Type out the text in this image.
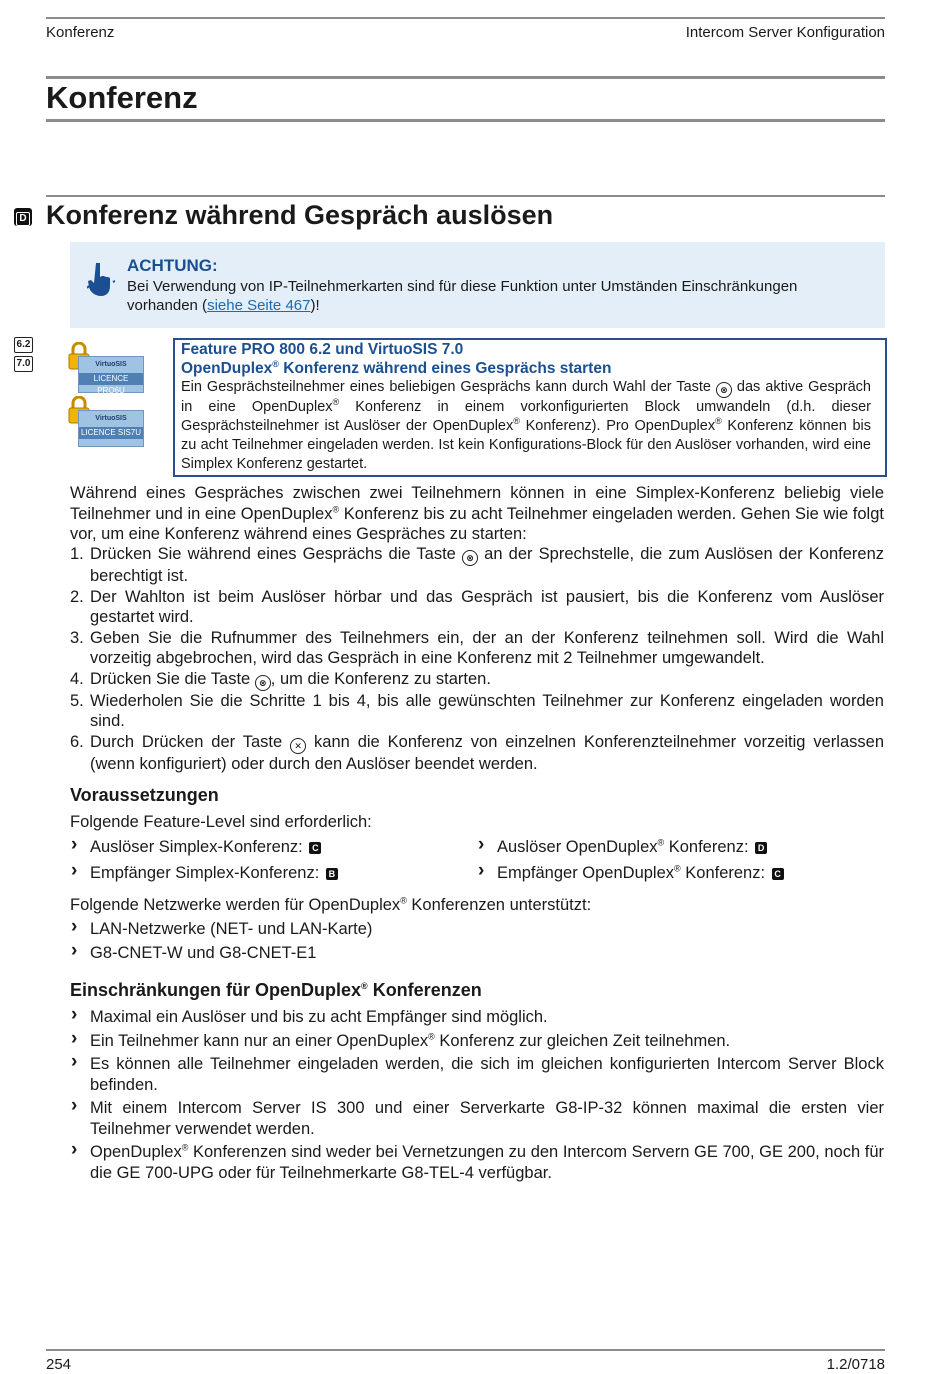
Konferenz	Intercom Server Konfiguration
Konferenz
D Konferenz während Gespräch auslösen
ACHTUNG:
Bei Verwendung von IP-Teilnehmerkarten sind für diese Funktion unter Umständen Einschränkungen vorhanden (siehe Seite 467)!
6.2
7.0	VirtuoSIS
LICENCE PRO6U
VirtuoSIS
LICENCE SIS7U
Feature PRO 800 6.2 und VirtuoSIS 7.0
OpenDuplex® Konferenz während eines Gesprächs starten
Ein Gesprächsteilnehmer eines beliebigen Gesprächs kann durch Wahl der Taste ⊗ das aktive Gespräch in eine OpenDuplex® Konferenz in einem vorkonfigurierten Block umwandeln (d.h. dieser Gesprächsteilnehmer ist Auslöser der OpenDuplex® Konferenz). Pro OpenDuplex® Konferenz können bis zu acht Teilnehmer eingeladen werden. Ist kein Konfigurations-Block für den Auslöser vorhanden, wird eine Simplex Konferenz gestartet.
Während eines Gespräches zwischen zwei Teilnehmern können in eine Simplex-Konferenz beliebig viele Teilnehmer und in eine OpenDuplex® Konferenz bis zu acht Teilnehmer eingeladen werden. Gehen Sie wie folgt vor, um eine Konferenz während eines Gespräches zu starten:
1. Drücken Sie während eines Gesprächs die Taste ⊗ an der Sprechstelle, die zum Auslösen der Konferenz berechtigt ist.
2. Der Wahlton ist beim Auslöser hörbar und das Gespräch ist pausiert, bis die Konferenz vom Auslöser gestartet wird.
3. Geben Sie die Rufnummer des Teilnehmers ein, der an der Konferenz teilnehmen soll. Wird die Wahl vorzeitig abgebrochen, wird das Gespräch in eine Konferenz mit 2 Teilnehmer umgewandelt.
4. Drücken Sie die Taste ⊗ , um die Konferenz zu starten.
5. Wiederholen Sie die Schritte 1 bis 4, bis alle gewünschten Teilnehmer zur Konferenz eingeladen worden sind.
6. Durch Drücken der Taste ✕ kann die Konferenz von einzelnen Konferenzteilnehmer vorzeitig verlassen (wenn konfiguriert) oder durch den Auslöser beendet werden.
Voraussetzungen
Folgende Feature-Level sind erforderlich:
› Auslöser Simplex-Konferenz: C
› Empfänger Simplex-Konferenz: B
› Auslöser OpenDuplex® Konferenz: D
› Empfänger OpenDuplex® Konferenz: C
Folgende Netzwerke werden für OpenDuplex® Konferenzen unterstützt:
› LAN-Netzwerke (NET- und LAN-Karte)
› G8-CNET-W und G8-CNET-E1
Einschränkungen für OpenDuplex® Konferenzen
› Maximal ein Auslöser und bis zu acht Empfänger sind möglich.
› Ein Teilnehmer kann nur an einer OpenDuplex® Konferenz zur gleichen Zeit teilnehmen.
› Es können alle Teilnehmer eingeladen werden, die sich im gleichen konfigurierten Intercom Server Block befinden.
› Mit einem Intercom Server IS 300 und einer Serverkarte G8-IP-32 können maximal die ersten vier Teilnehmer verwendet werden.
› OpenDuplex® Konferenzen sind weder bei Vernetzungen zu den Intercom Servern GE 700, GE 200, noch für die GE 700-UPG oder für Teilnehmerkarte G8-TEL-4 verfügbar.
254	1.2/0718
